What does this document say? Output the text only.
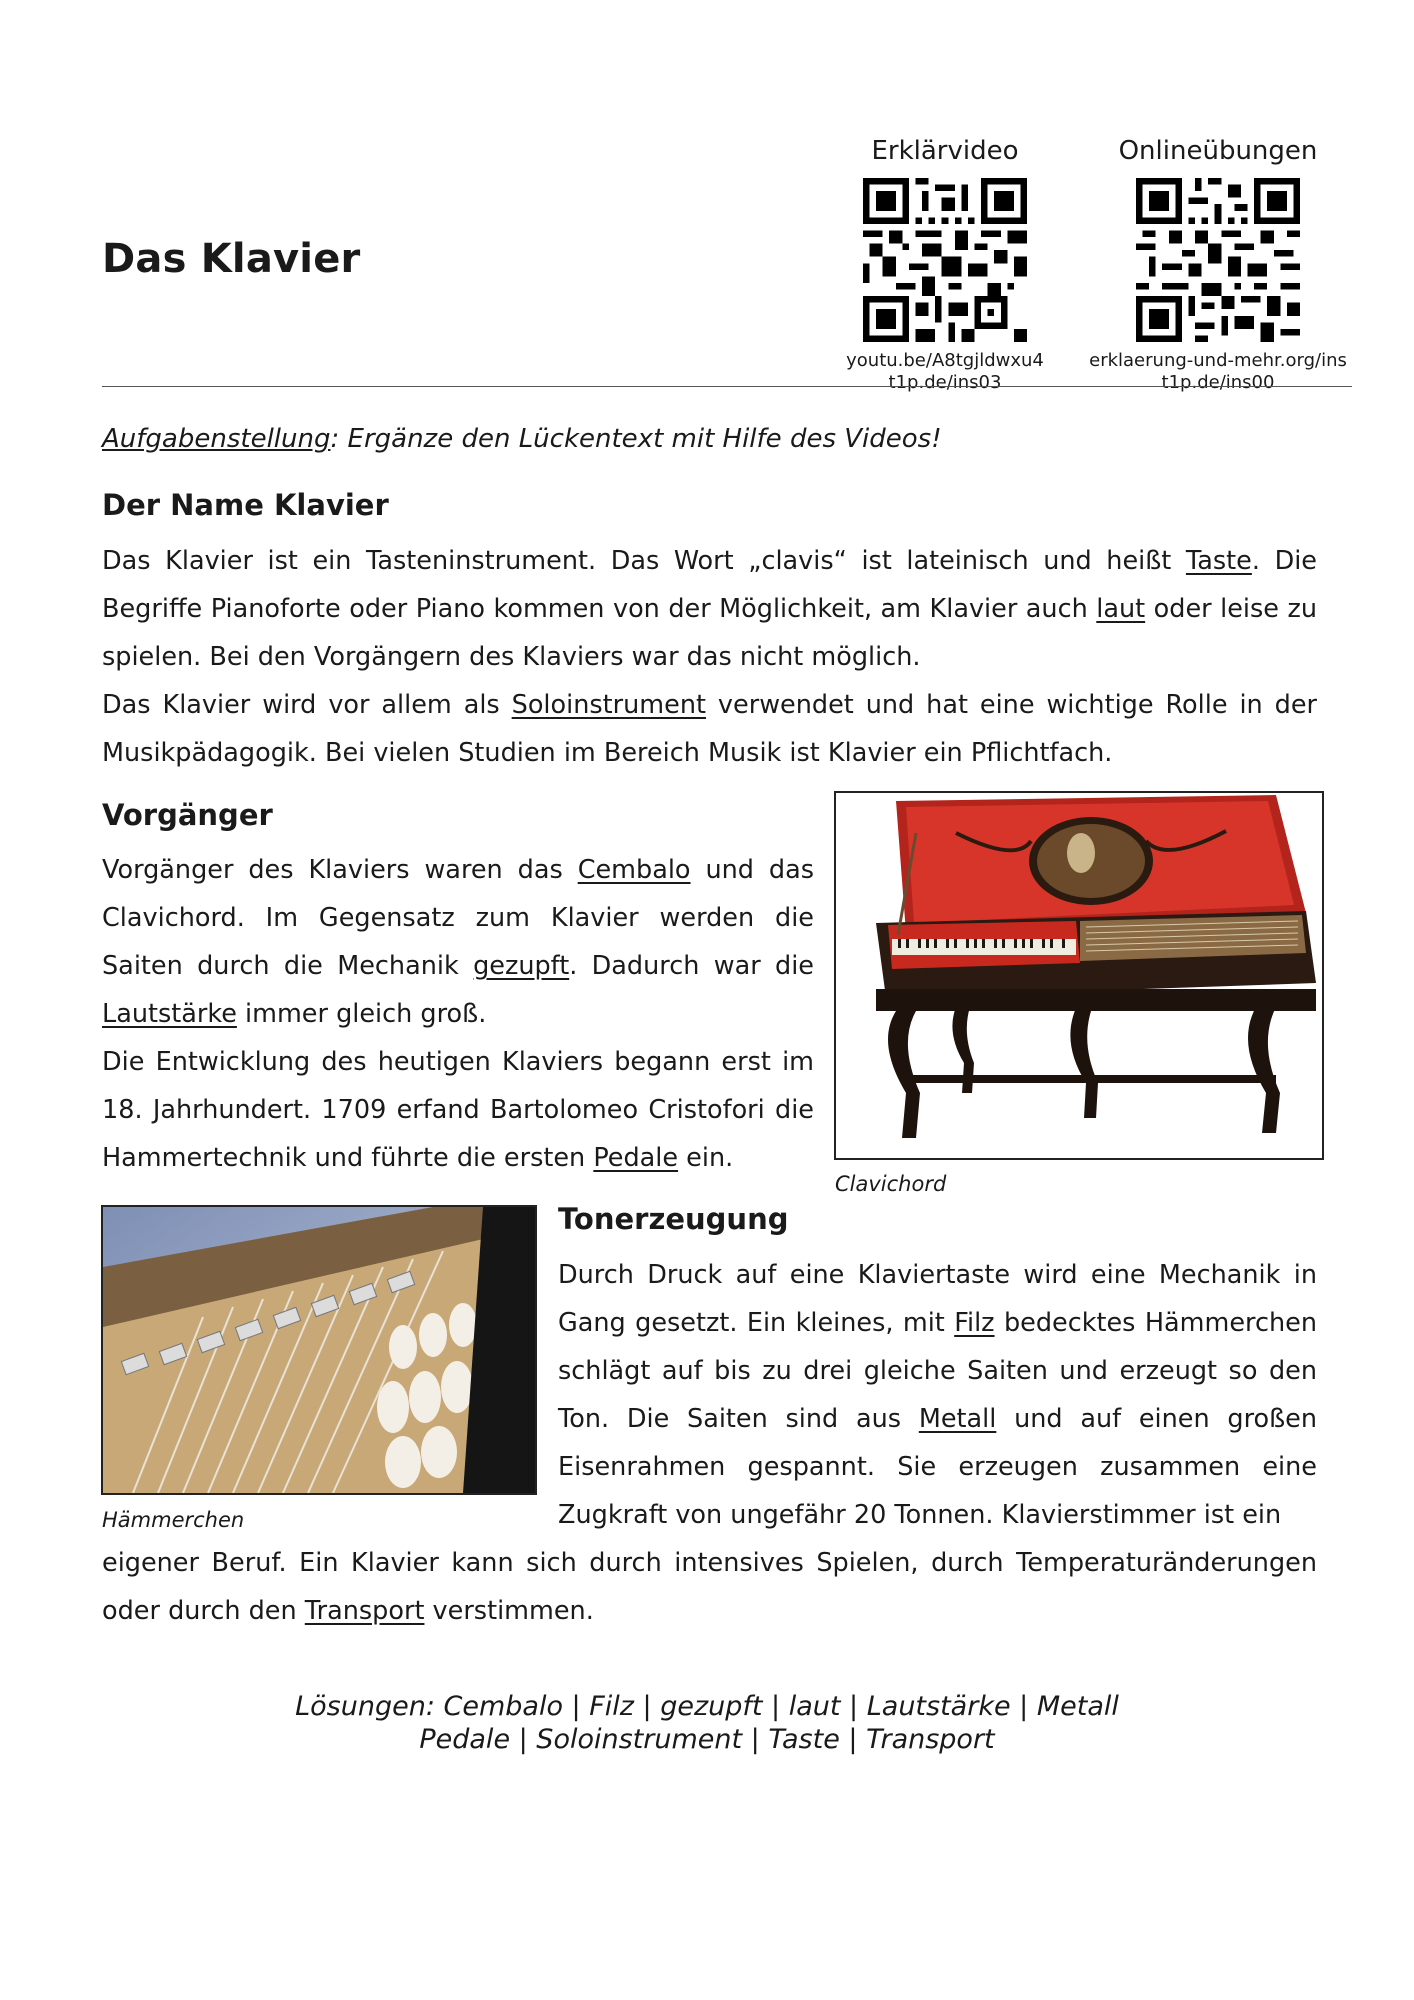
Das Klavier
Erklärvideo
youtu.be/A8tgjldwxu4
t1p.de/ins03
Onlineübungen
erklaerung-und-mehr.org/ins
t1p.de/ins00
Aufgabenstellung: Ergänze den Lückentext mit Hilfe des Videos!
Der Name Klavier

Das Klavier ist ein Tasteninstrument. Das Wort „clavis“ ist lateinisch und heißt Taste. Die Begriffe Pianoforte oder Piano kommen von der Möglichkeit, am Klavier auch laut oder leise zu spielen. Bei den Vorgängern des Klaviers war das nicht möglich.

Das Klavier wird vor allem als Soloinstrument verwendet und hat eine wichtige Rolle in der Musikpädagogik. Bei vielen Studien im Bereich Musik ist Klavier ein Pflichtfach.

Vorgänger

Vorgänger des Klaviers waren das Cembalo und das Clavichord. Im Gegensatz zum Klavier werden die Saiten durch die Mechanik gezupft. Dadurch war die Lautstärke immer gleich groß.

Die Entwicklung des heutigen Klaviers begann erst im 18. Jahrhundert. 1709 erfand Bartolomeo Cristofori die Hammertechnik und führte die ersten Pedale ein.

Clavichord
Hämmerchen
Tonerzeugung

Durch Druck auf eine Klaviertaste wird eine Mechanik in Gang gesetzt. Ein kleines, mit Filz bedecktes Hämmerchen schlägt auf bis zu drei gleiche Saiten und erzeugt so den Ton. Die Saiten sind aus Metall und auf einen großen Eisenrahmen gespannt. Sie erzeugen zusammen eine Zugkraft von ungefähr 20 Tonnen. Klavierstimmer ist ein

eigener Beruf. Ein Klavier kann sich durch intensives Spielen, durch Temperaturänderungen oder durch den Transport verstimmen.

Lösungen: Cembalo | Filz | gezupft | laut | Lautstärke | Metall
Pedale | Soloinstrument | Taste | Transport
